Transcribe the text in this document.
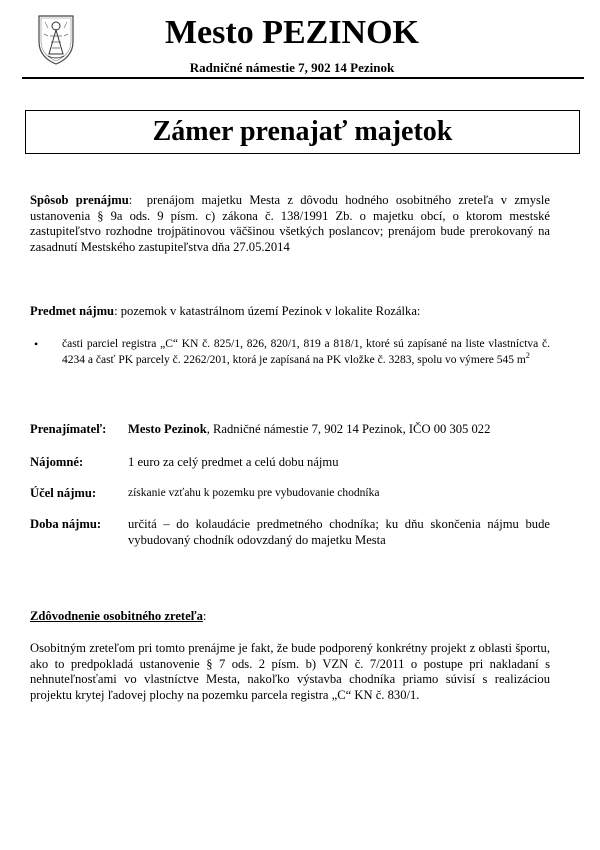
Mesto PEZINOK
Radničné námestie 7, 902 14 Pezinok
Zámer prenajať majetok
Spôsob prenájmu:  prenájom majetku Mesta z dôvodu hodného osobitného zreteľa v zmysle ustanovenia § 9a ods. 9 písm. c) zákona č. 138/1991 Zb. o majetku obcí, o ktorom mestské zastupiteľstvo rozhodne trojpätinovou väčšinou všetkých poslancov; prenájom bude prerokovaný na zasadnutí Mestského zastupiteľstva dňa 27.05.2014
Predmet nájmu: pozemok v katastrálnom území Pezinok v lokalite Rozálka:
• časti parciel registra „C“ KN č. 825/1, 826, 820/1, 819 a 818/1, ktoré sú zapísané na liste vlastníctva č. 4234 a časť PK parcely č. 2262/201, ktorá je zapísaná na PK vložke č. 3283, spolu vo výmere 545 $m^2$
Prenajímateľ: Mesto Pezinok, Radničné námestie 7, 902 14 Pezinok, IČO 00 305 022
Nájomné:	1 euro za celý predmet a celú dobu nájmu
Účel nájmu:	získanie vzťahu k pozemku pre vybudovanie chodníka
Doba nájmu: určitá – do kolaudácie predmetného chodníka; ku dňu skončenia nájmu bude vybudovaný chodník odovzdaný do majetku Mesta
Zdôvodnenie osobitného zreteľa:
Osobitným zreteľom pri tomto prenájme je fakt, že bude podporený konkrétny projekt z oblasti športu, ako to predpokladá ustanovenie § 7 ods. 2 písm. b) VZN č. 7/2011 o postupe pri nakladaní s nehnuteľnosťami vo vlastníctve Mesta, nakoľko výstavba chodníka priamo súvisí s realizáciou projektu krytej ľadovej plochy na pozemku parcela registra „C“ KN č. 830/1.
